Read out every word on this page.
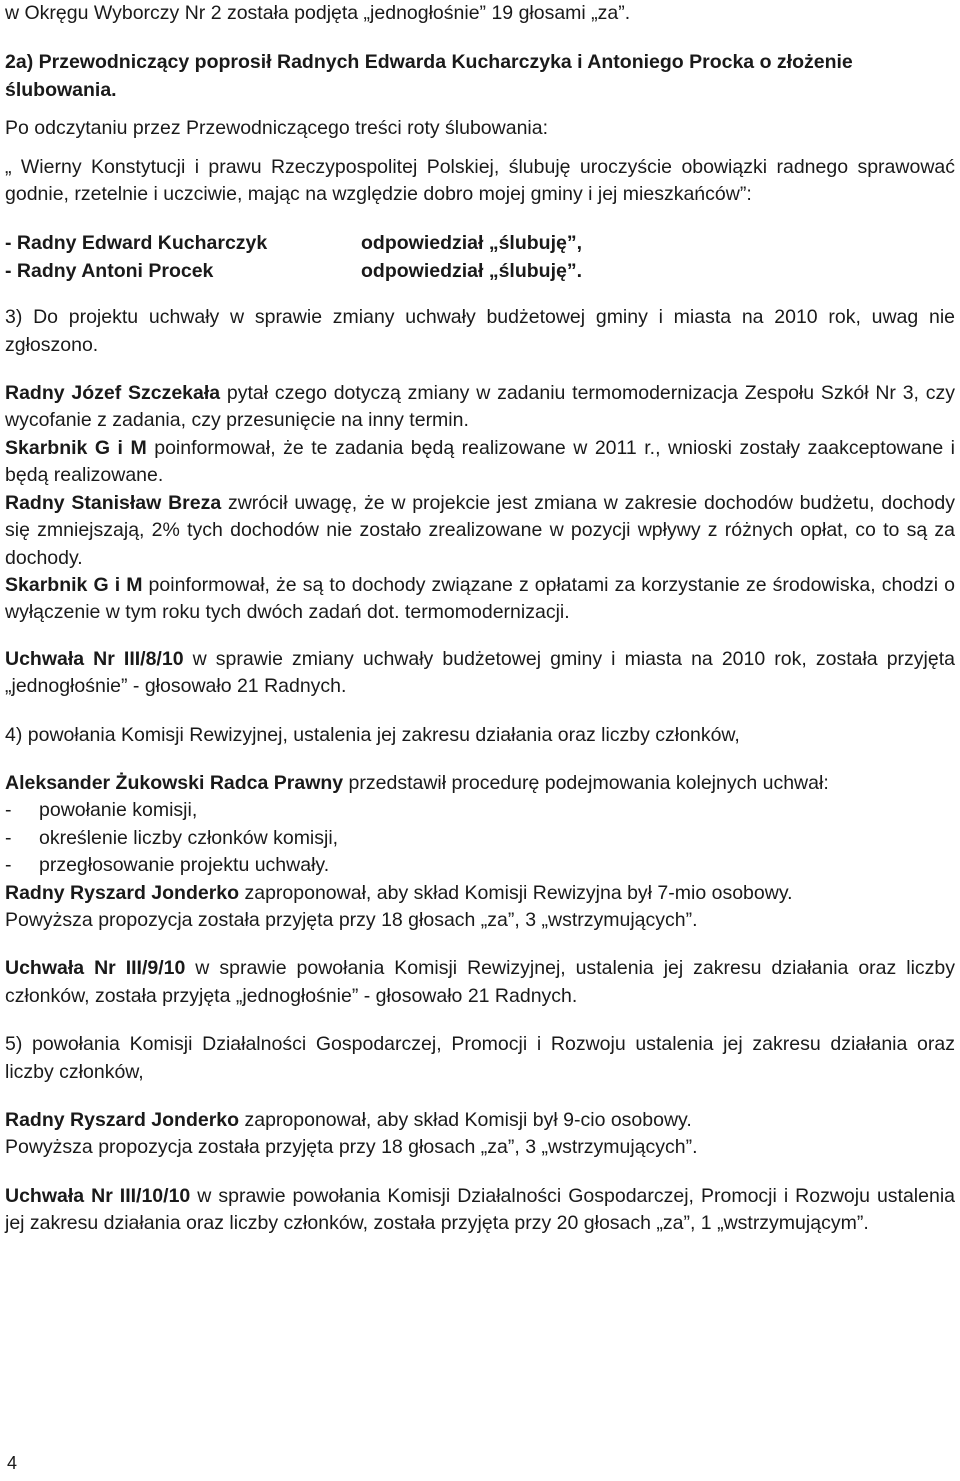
w Okręgu Wyborczy Nr 2 została podjęta „jednogłośnie” 19 głosami „za”.

2a) Przewodniczący poprosił Radnych Edwarda Kucharczyka i Antoniego Procka o złożenie ślubowania.

Po odczytaniu przez Przewodniczącego treści roty ślubowania:

„ Wierny Konstytucji i prawu Rzeczypospolitej Polskiej, ślubuję uroczyście obowiązki radnego sprawować godnie, rzetelnie i uczciwie, mając na względzie dobro mojej gminy i jej mieszkańców”:

- Radny Edward Kucharczyk	odpowiedział „ślubuję”,
- Radny Antoni Procek	odpowiedział „ślubuję”.

3) Do projektu uchwały w sprawie zmiany uchwały budżetowej gminy i miasta na 2010 rok, uwag nie zgłoszono.

Radny Józef Szczekała pytał czego dotyczą zmiany w zadaniu termomodernizacja Zespołu Szkół Nr 3, czy wycofanie z zadania, czy przesunięcie na inny termin.

Skarbnik G i M poinformował, że te zadania będą realizowane w 2011 r., wnioski zostały zaakceptowane i będą realizowane.

Radny Stanisław Breza zwrócił uwagę, że w projekcie jest zmiana w zakresie dochodów budżetu, dochody się zmniejszają, 2% tych dochodów nie zostało zrealizowane w pozycji wpływy z różnych opłat, co to są za dochody.

Skarbnik G i M poinformował, że są to dochody związane z opłatami za korzystanie ze środowiska, chodzi o wyłączenie w tym roku tych dwóch zadań dot. termomodernizacji.

Uchwała Nr III/8/10 w sprawie zmiany uchwały budżetowej gminy i miasta na 2010 rok, została przyjęta „jednogłośnie” - głosowało 21 Radnych.

4) powołania Komisji Rewizyjnej, ustalenia jej zakresu działania oraz liczby członków,

Aleksander Żukowski Radca Prawny przedstawił procedurę podejmowania kolejnych uchwał:

-	powołanie komisji,
-	określenie liczby członków komisji,
-	przegłosowanie projektu uchwały.

Radny Ryszard Jonderko zaproponował, aby skład Komisji Rewizyjna był 7-mio osobowy.

Powyższa propozycja została przyjęta przy 18 głosach „za”, 3 „wstrzymujących”.

Uchwała Nr III/9/10 w sprawie powołania Komisji Rewizyjnej, ustalenia jej zakresu działania oraz liczby członków, została przyjęta „jednogłośnie” - głosowało 21 Radnych.

5) powołania Komisji Działalności Gospodarczej, Promocji i Rozwoju ustalenia jej zakresu działania oraz liczby członków,

Radny Ryszard Jonderko zaproponował, aby skład Komisji był 9-cio osobowy.

Powyższa propozycja została przyjęta przy 18 głosach „za”, 3 „wstrzymujących”.

Uchwała Nr III/10/10 w sprawie powołania Komisji Działalności Gospodarczej, Promocji i Rozwoju ustalenia jej zakresu działania oraz liczby członków, została przyjęta przy 20 głosach „za”, 1 „wstrzymującym”.

4
